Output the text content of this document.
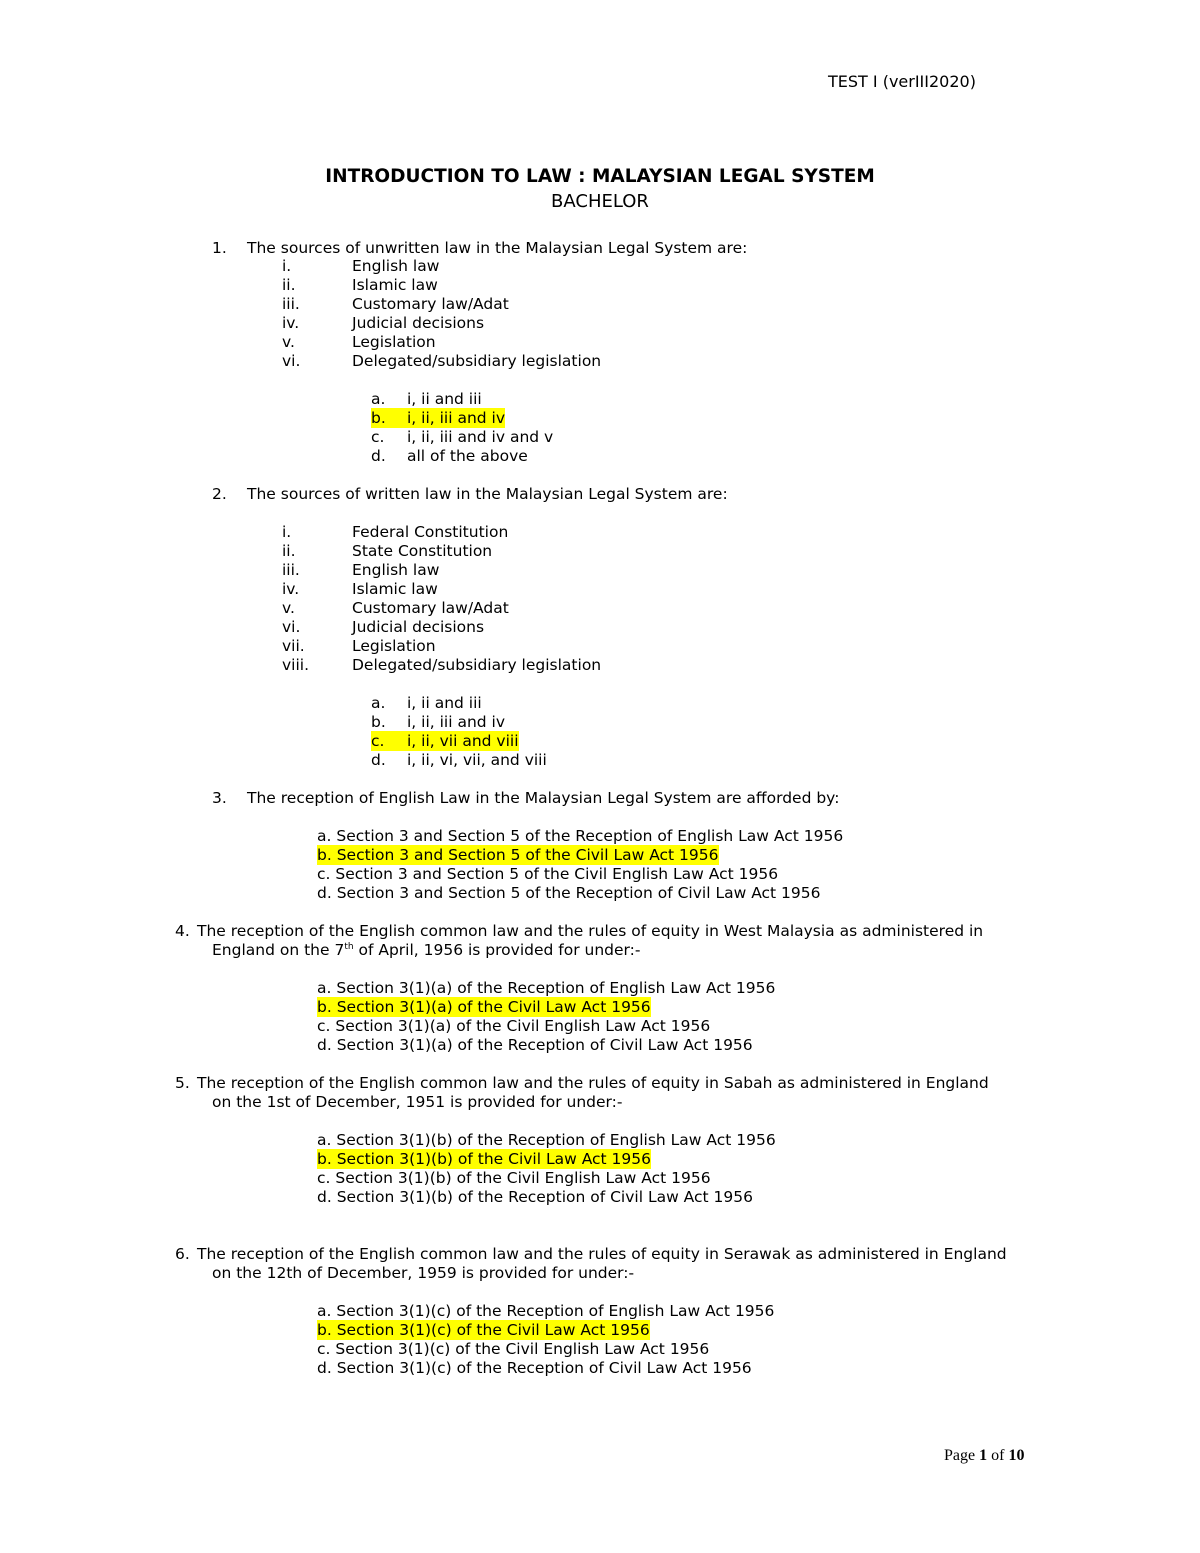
TEST I (verIII2020)
INTRODUCTION TO LAW : MALAYSIAN LEGAL SYSTEM
BACHELOR
1. The sources of unwritten law in the Malaysian Legal System are:
i.	English law
ii.	Islamic law
iii.	Customary law/Adat
iv.	Judicial decisions
v.	Legislation
vi.	Delegated/subsidiary legislation
a. i, ii and iii
b. i, ii, iii and iv
c. i, ii, iii and iv and v
d. all of the above
2. The sources of written law in the Malaysian Legal System are:
i.	Federal Constitution
ii.	State Constitution
iii.	English law
iv.	Islamic law
v.	Customary law/Adat
vi.	Judicial decisions
vii.	Legislation
viii.	Delegated/subsidiary legislation
a. i, ii and iii
b. i, ii, iii and iv
c. i, ii, vii and viii
d. i, ii, vi, vii, and viii
3. The reception of English Law in the Malaysian Legal System are afforded by:
a. Section 3 and Section 5 of the Reception of English Law Act 1956
b. Section 3 and Section 5 of the Civil Law Act 1956
c. Section 3 and Section 5 of the Civil English Law Act 1956
d. Section 3 and Section 5 of the Reception of Civil Law Act 1956
4. The reception of the English common law and the rules of equity in West Malaysia as administered in
England on the 7th of April, 1956 is provided for under:-
a. Section 3(1)(a) of the Reception of English Law Act 1956
b. Section 3(1)(a) of the Civil Law Act 1956
c. Section 3(1)(a) of the Civil English Law Act 1956
d. Section 3(1)(a) of the Reception of Civil Law Act 1956
5. The reception of the English common law and the rules of equity in Sabah as administered in England
on the 1st of December, 1951 is provided for under:-
a. Section 3(1)(b) of the Reception of English Law Act 1956
b. Section 3(1)(b) of the Civil Law Act 1956
c. Section 3(1)(b) of the Civil English Law Act 1956
d. Section 3(1)(b) of the Reception of Civil Law Act 1956
6. The reception of the English common law and the rules of equity in Serawak as administered in England
on the 12th of December, 1959 is provided for under:-
a. Section 3(1)(c) of the Reception of English Law Act 1956
b. Section 3(1)(c) of the Civil Law Act 1956
c. Section 3(1)(c) of the Civil English Law Act 1956
d. Section 3(1)(c) of the Reception of Civil Law Act 1956
Page 1 of 10
